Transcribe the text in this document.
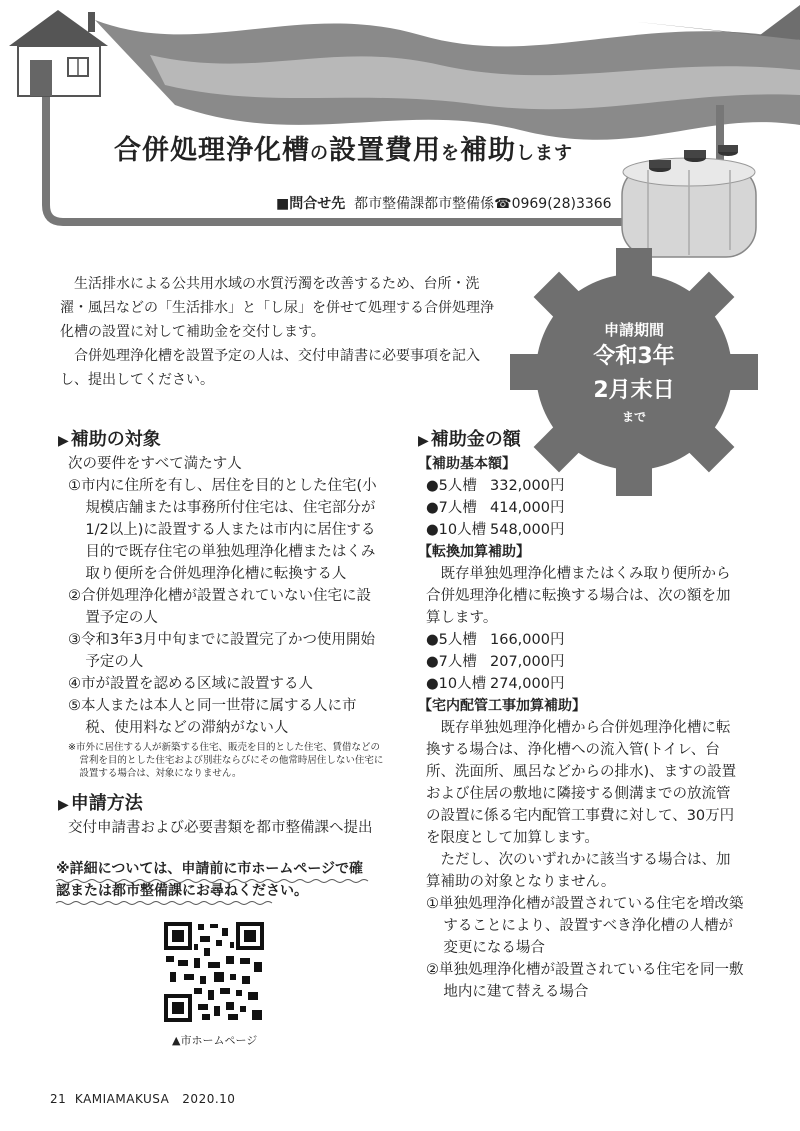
合併処理浄化槽の設置費用を補助します
■問合せ先 都市整備課都市整備係☎0969(28)3366

生活排水による公共用水域の水質汚濁を改善するため、台所・洗濯・風呂などの「生活排水」と「し尿」を併せて処理する合併処理浄化槽の設置に対して補助金を交付します。

合併処理浄化槽を設置予定の人は、交付申請書に必要事項を記入し、提出してください。

申請期間
令和3年
2月末日
まで
▶ 補助の対象

次の要件をすべて満たす人

①市内に住所を有し、居住を目的とした住宅(小規模店舗または事務所付住宅は、住宅部分が1/2以上)に設置する人または市内に居住する目的で既存住宅の単独処理浄化槽またはくみ取り便所を合併処理浄化槽に転換する人

②合併処理浄化槽が設置されていない住宅に設置予定の人

③令和3年3月中旬までに設置完了かつ使用開始予定の人

④市が設置を認める区域に設置する人

⑤本人または本人と同一世帯に属する人に市税、使用料などの滞納がない人

※市外に居住する人が新築する住宅、販売を目的とした住宅、賃借などの営利を目的とした住宅および別荘ならびにその他常時居住しない住宅に設置する場合は、対象になりません。
▶ 申請方法

交付申請書および必要書類を都市整備課へ提出

※詳細については、申請前に市ホームページで確認または都市整備課にお尋ねください。
▲市ホームページ
▶ 補助金の額
【補助基本額】
●5人槽 332,000円
●7人槽 414,000円
●10人槽 548,000円
【転換加算補助】

既存単独処理浄化槽またはくみ取り便所から合併処理浄化槽に転換する場合は、次の額を加算します。

●5人槽 166,000円
●7人槽 207,000円
●10人槽 274,000円
【宅内配管工事加算補助】

既存単独処理浄化槽から合併処理浄化槽に転換する場合は、浄化槽への流入管(トイレ、台所、洗面所、風呂などからの排水)、ますの設置および住居の敷地に隣接する側溝までの放流管の設置に係る宅内配管工事費に対して、30万円を限度として加算します。

ただし、次のいずれかに該当する場合は、加算補助の対象となりません。

①単独処理浄化槽が設置されている住宅を増改築することにより、設置すべき浄化槽の人槽が変更になる場合

②単独処理浄化槽が設置されている住宅を同一敷地内に建て替える場合

21 KAMIAMAKUSA 2020.10
